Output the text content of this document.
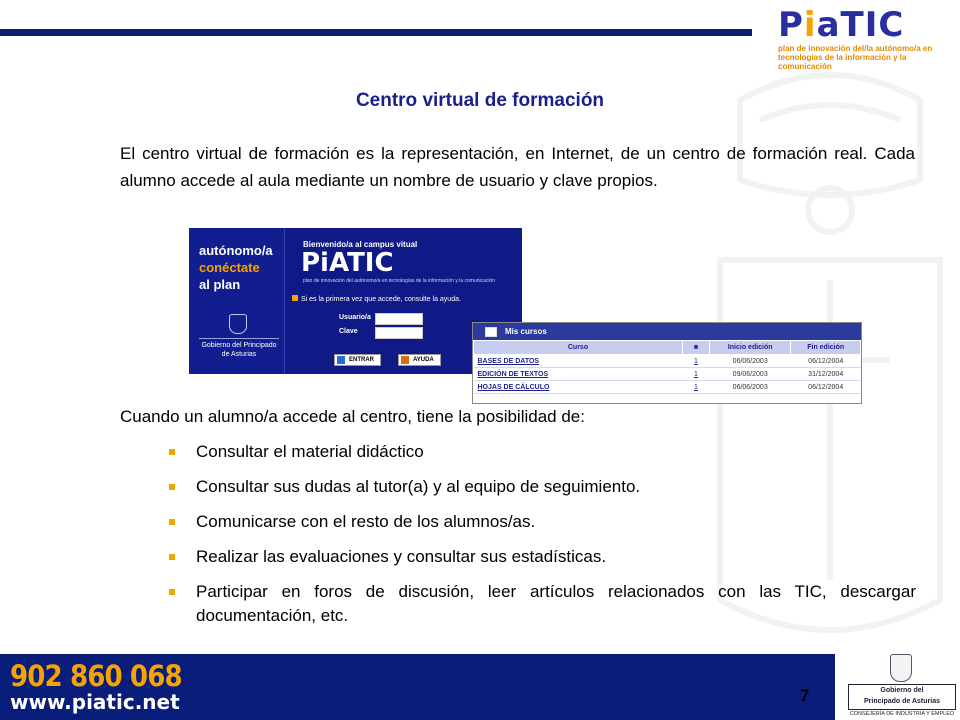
PiaTIC
plan de innovación del/la autónomo/a en tecnologías de la información y la comunicación
Centro virtual de formación
El centro virtual de formación es la representación, en Internet, de un centro de formación real. Cada alumno accede al aula mediante un nombre de usuario y clave propios.
autónomo/a
conéctate
al plan
Gobierno del Principado de Asturias
Bienvenido/a al campus vitual
PiATIC
plan de innovación del autónomo/a en tecnologías de la información y la comunicación
Si es la primera vez que accede, consulte la ayuda.
Usuario/a
Clave
ENTRAR	AYUDA
Mis cursos
Curso	☻	Inicio edición	Fin edición
BASES DE DATOS	1	06/06/2003	06/12/2004
EDICIÓN DE TEXTOS	1	09/06/2003	31/12/2004
HOJAS DE CÁLCULO	1	06/06/2003	06/12/2004
Cuando un alumno/a accede al centro, tiene la posibilidad de:
Consultar el material didáctico
Consultar sus dudas al tutor(a) y al equipo de seguimiento.
Comunicarse con el resto de los alumnos/as.
Realizar las evaluaciones y consultar sus estadísticas.
Participar en foros de discusión, leer artículos relacionados con las TIC, descargar documentación, etc.
902 860 068
www.piatic.net	7	Gobierno del
Principado de Asturias
CONSEJERÍA DE INDUSTRIA Y EMPLEO
